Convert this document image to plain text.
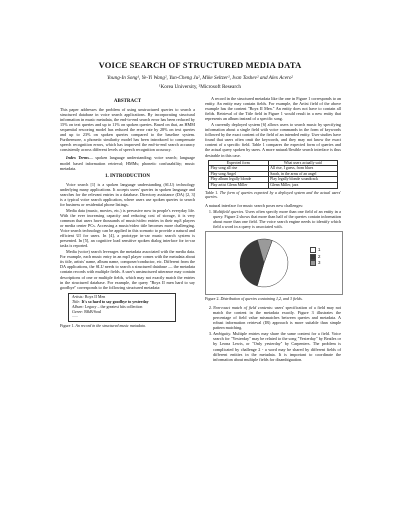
VOICE SEARCH OF STRUCTURED MEDIA DATA
Young-In Song¹, Ye-Yi Wang², Yun-Cheng Ju², Mike Seltzer², Ivan Tashev² and Alex Acero²
¹Korea University, ²Microsoft Research
ABSTRACT

This paper addresses the problem of using unstructured queries to search a structured database in voice search applications. By incorporating structural information in music metadata, the end-to-end search error has been reduced by 15% on text queries and up to 11% on spoken queries. Based on that, an HMM sequential rescoring model has reduced the error rate by 28% on text queries and up to 23% on spoken queries compared to the baseline system. Furthermore, a phonetic similarity model has been introduced to compensate speech recognition errors, which has improved the end-to-end search accuracy consistently across different levels of speech recognition accuracy.

Index Terms— spoken language understanding; voice search; language model based information retrieval; HMMs; phonetic confusability; music metadata.

1. INTRODUCTION

Voice search [1] is a spoken language understanding (SLU) technology underlying many applications. It accepts users' queries in spoken language and searches for the relevant entries in a database. Directory assistance (DA) [2, 3] is a typical voice search application, where users use spoken queries to search for business or residential phone listings.

Media data (music, movies, etc.) is pervasive now in people's everyday life. With the ever increasing capacity and reducing cost of storage, it is very common that users have thousands of music/video entries in their mp3 players or media center PCs. Accessing a music/video title becomes more challenging. Voice search technology can be applied in this scenario to provide a natural and efficient UI for users. In [4], a prototype in-car music search system is presented. In [5], an cognitive load sensitive spoken dialog interface for in-car tasks is reported.

Media (voice) search leverages the metadata associated with the media data. For example, each music entry in an mp3 player comes with the metadata about its title, artists' name, album name, composer/conductor, etc. Different from the DA applications, the SLU needs to search a structured database — the metadata contain records with multiple fields. A user's unstructured utterance may contain descriptions of one or multiple fields, which may not exactly match the entries in the structured database. For example, the query "Boyz II men hard to say goodbye" corresponds to the following structured metadata:

Artists: Boyz II Men
Title: It's so hard to say goodbye to yesterday
Album: Legacy – the greatest hits collection
Genre: R&B/Soul
......
Figure 1. An record in the structured music metadata.

A record in the structured metadata like the one in Figure 1 corresponds to an entity. An entity may contain fields. For example, the Artist field of the above example has the content "Boyz II Men." An entity does not have to contain all fields. Retrieval of the Title field in Figure 1 would result in a new entity that represents an album instead of a specific song.

A currently deployed system [6] allows users to search music by specifying information about a single field with voice commands in the form of keywords followed by the exact content of the field of an intended entity. User studies have found that users often omit the keywords, and they may not know the exact content of a specific field. Table 1 compares the expected form of queries and the actual query spoken by users. A more natural/flexible search interface is thus desirable in this case.

Expected form	What users actually said
Play song all rise	All rise, I guess, from blues
Play song Angel	Sarah, in the arms of an angel
Play album legally blonde	Play legally blonde soundtrack
Play artist Glenn Miller	Glenn Miller, jazz
Table 1. The form of queries expected by a deployed system and the actual users' queries.

A natural interface for music search poses new challenges:

1. Multifield queries. Users often specify more than one field of an entity in a query. Figure 2 shows that more than half of the queries contain information about more than one field. The voice search engine needs to identify which field a word in a query is associated with.
1
2
3
Figure 2. Distribution of queries containing 1,2, and 3 fields.
2. Non-exact match of field contents: users' specification of a field may not match the content in the metadata exactly. Figure 3 illustrates the percentage of field value mismatches between queries and metadata. A robust information retrieval (IR) approach is more suitable than simple pattern matching.
3. Ambiguity. Multiple entries may share the same content for a field. Voice search for "Yesterday" may be related to the song "Yesterday" by Beatles or by Leona Lewis, or "Only yesterday" by Carpenters. The problem is complicated by challenge 2 - a word may be shared by different fields of different entities in the metadata. It is important to coordinate the information about multiple fields for disambiguation.
